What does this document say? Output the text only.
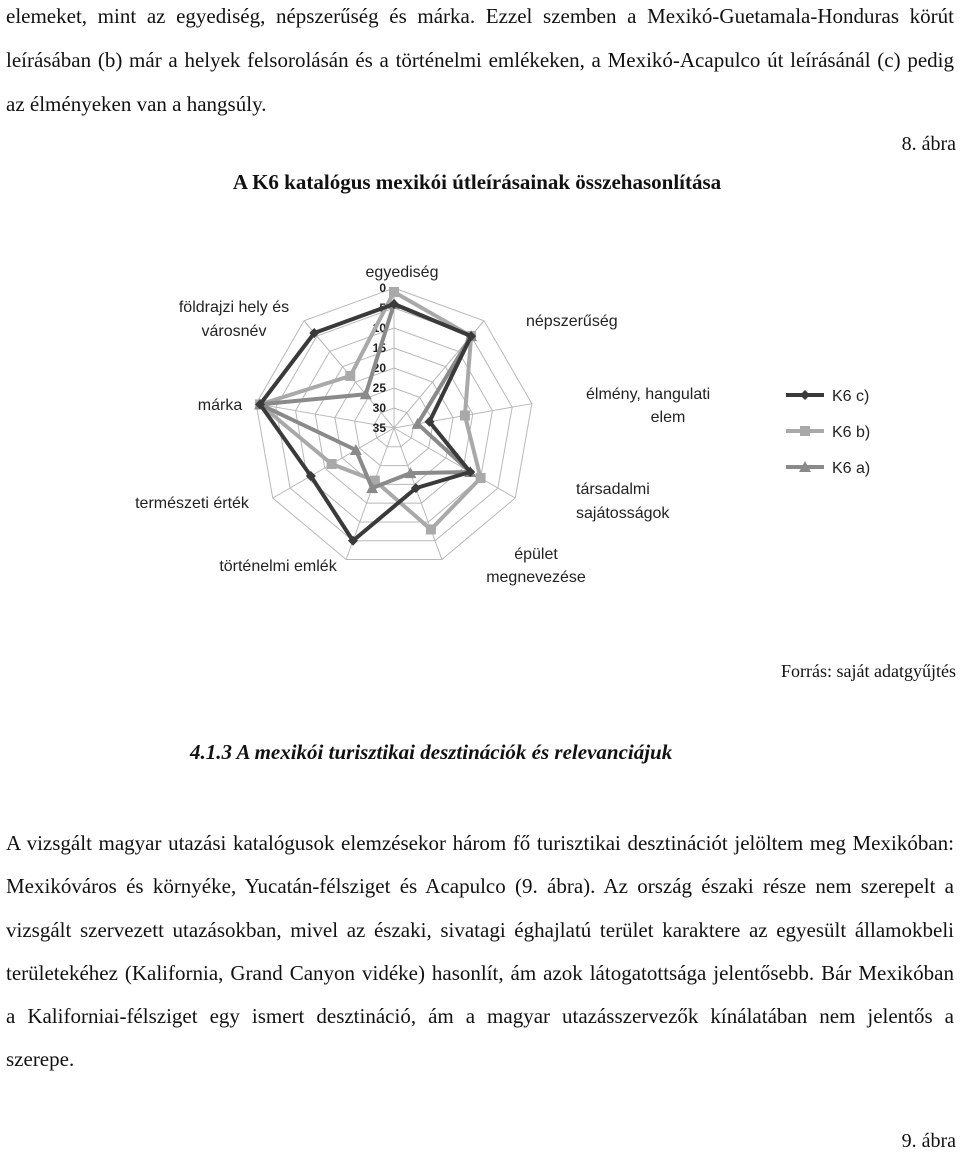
elemeket, mint az egyediség, népszerűség és márka. Ezzel szemben a Mexikó-Guetamala-Honduras körút leírásában (b) már a helyek felsorolásán és a történelmi emlékeken, a Mexikó-Acapulco út leírásánál (c) pedig az élményeken van a hangsúly.
8. ábra
A K6 katalógus mexikói útleírásainak összehasonlítása
0
5
10
15
20
25
30
35
egyediség
népszerűség
élmény, hangulati
elem
társadalmi
sajátosságok
épület
megnevezése
történelmi emlék
természeti érték
márka
földrajzi hely és
városnév
K6 c)
K6 b)
K6 a)
Forrás: saját adatgyűjtés
4.1.3 A mexikói turisztikai desztinációk és relevanciájuk
A vizsgált magyar utazási katalógusok elemzésekor három fő turisztikai desztinációt jelöltem meg Mexikóban: Mexikóváros és környéke, Yucatán-félsziget és Acapulco (9. ábra). Az ország északi része nem szerepelt a vizsgált szervezett utazásokban, mivel az északi, sivatagi éghajlatú terület karaktere az egyesült államokbeli területekéhez (Kalifornia, Grand Canyon vidéke) hasonlít, ám azok látogatottsága jelentősebb. Bár Mexikóban a Kaliforniai-félsziget egy ismert desztináció, ám a magyar utazásszervezők kínálatában nem jelentős a szerepe.
9. ábra
